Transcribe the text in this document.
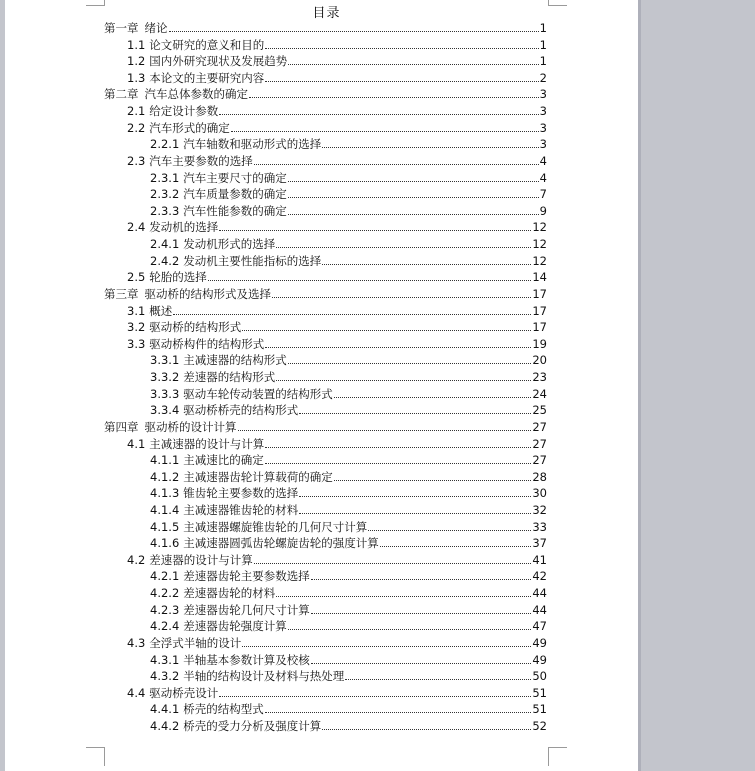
目录
第一章 绪论	1
1.1 论文研究的意义和目的	1
1.2 国内外研究现状及发展趋势	1
1.3 本论文的主要研究内容	2
第二章 汽车总体参数的确定	3
2.1 给定设计参数	3
2.2 汽车形式的确定	3
2.2.1 汽车轴数和驱动形式的选择	3
2.3 汽车主要参数的选择	4
2.3.1 汽车主要尺寸的确定	4
2.3.2 汽车质量参数的确定	7
2.3.3 汽车性能参数的确定	9
2.4 发动机的选择	12
2.4.1 发动机形式的选择	12
2.4.2 发动机主要性能指标的选择	12
2.5 轮胎的选择	14
第三章 驱动桥的结构形式及选择	17
3.1 概述	17
3.2 驱动桥的结构形式	17
3.3 驱动桥构件的结构形式	19
3.3.1 主减速器的结构形式	20
3.3.2 差速器的结构形式	23
3.3.3 驱动车轮传动装置的结构形式	24
3.3.4 驱动桥桥壳的结构形式	25
第四章 驱动桥的设计计算	27
4.1 主减速器的设计与计算	27
4.1.1 主减速比的确定	27
4.1.2 主减速器齿轮计算载荷的确定	28
4.1.3 锥齿轮主要参数的选择	30
4.1.4 主减速器锥齿轮的材料	32
4.1.5 主减速器螺旋锥齿轮的几何尺寸计算	33
4.1.6 主减速器圆弧齿轮螺旋齿轮的强度计算	37
4.2 差速器的设计与计算	41
4.2.1 差速器齿轮主要参数选择	42
4.2.2 差速器齿轮的材料	44
4.2.3 差速器齿轮几何尺寸计算	44
4.2.4 差速器齿轮强度计算	47
4.3 全浮式半轴的设计	49
4.3.1 半轴基本参数计算及校核	49
4.3.2 半轴的结构设计及材料与热处理	50
4.4 驱动桥壳设计	51
4.4.1 桥壳的结构型式	51
4.4.2 桥壳的受力分析及强度计算	52
